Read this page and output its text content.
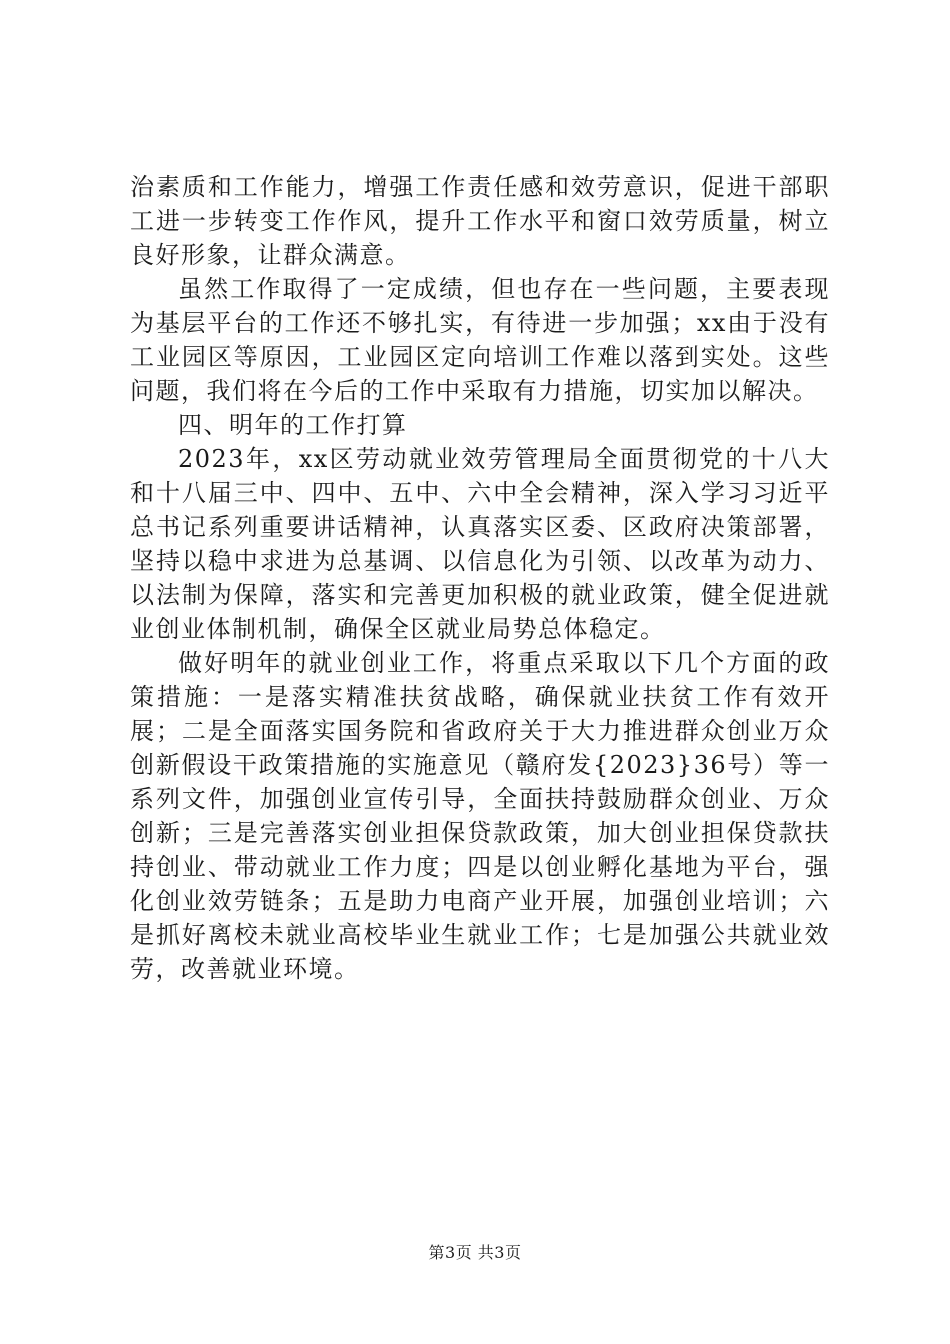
治素质和工作能力，增强工作责任感和效劳意识，促进干部职工进一步转变工作作风，提升工作水平和窗口效劳质量，树立良好形象，让群众满意。

虽然工作取得了一定成绩，但也存在一些问题，主要表现为基层平台的工作还不够扎实，有待进一步加强；xx由于没有工业园区等原因，工业园区定向培训工作难以落到实处。这些问题，我们将在今后的工作中采取有力措施，切实加以解决。

四、明年的工作打算

2023年，xx区劳动就业效劳管理局全面贯彻党的十八大和十八届三中、四中、五中、六中全会精神，深入学习习近平总书记系列重要讲话精神，认真落实区委、区政府决策部署，坚持以稳中求进为总基调、以信息化为引领、以改革为动力、以法制为保障，落实和完善更加积极的就业政策，健全促进就业创业体制机制，确保全区就业局势总体稳定。

做好明年的就业创业工作，将重点采取以下几个方面的政策措施：一是落实精准扶贫战略，确保就业扶贫工作有效开展；二是全面落实国务院和省政府关于大力推进群众创业万众创新假设干政策措施的实施意见（赣府发{2023}36号）等一系列文件，加强创业宣传引导，全面扶持鼓励群众创业、万众创新；三是完善落实创业担保贷款政策，加大创业担保贷款扶持创业、带动就业工作力度；四是以创业孵化基地为平台，强化创业效劳链条；五是助力电商产业开展，加强创业培训；六是抓好离校未就业高校毕业生就业工作；七是加强公共就业效劳，改善就业环境。

第3页 共3页
